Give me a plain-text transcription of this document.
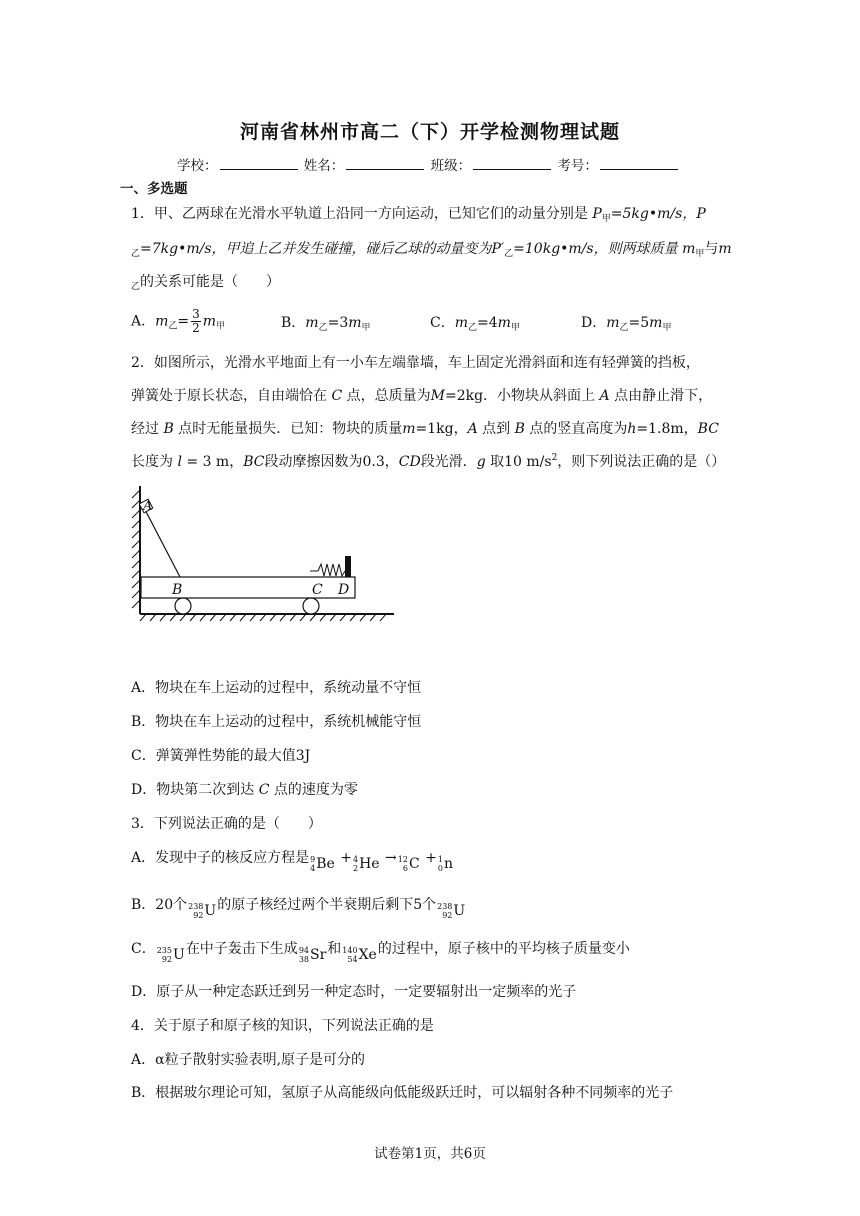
河南省林州市高二（下）开学检测物理试题
学校：	姓名：	班级：	考号：
一、多选题
1．甲、乙两球在光滑水平轨道上沿同一方向运动，已知它们的动量分别是 $P_甲=5kg•m/s$，P
$_乙$=7kg•m/s，甲追上乙并发生碰撞，碰后乙球的动量变为$P'_乙=10kg•m/s$，则两球质量 $m_甲$与m
$_乙$的关系可能是（　　）
A．$m_乙= \frac{3}{2} m_甲$	B．$m_乙=3m_甲$	C．$m_乙=4m_甲$	D．$m_乙=5m_甲$
2．如图所示，光滑水平地面上有一小车左端靠墙，车上固定光滑斜面和连有轻弹簧的挡板，
弹簧处于原长状态，自由端恰在 C 点，总质量为M=2kg．小物块从斜面上 A 点由静止滑下，
经过 B 点时无能量损失．已知：物块的质量m=1kg，A 点到 B 点的竖直高度为h=1.8m，BC
长度为 l = 3 m，BC段动摩擦因数为0.3，CD段光滑．g 取10 $m/s^2$，则下列说法正确的是（）
A
B	C D
A．物块在车上运动的过程中，系统动量不守恒
B．物块在车上运动的过程中，系统机械能守恒
C．弹簧弹性势能的最大值3J
D．物块第二次到达 C 点的速度为零
3．下列说法正确的是（　　）
A．发现中子的核反应方程是 9
4 Be + 4
2 He → 12
6 C + 1
0 n
B．20个 238
92 U 的原子核经过两个半衰期后剩下5个 238
92 U
C． 235
92 U 在中子轰击下生成 94
38 Sr 和 140
54 Xe 的过程中，原子核中的平均核子质量变小
D．原子从一种定态跃迁到另一种定态时，一定要辐射出一定频率的光子
4．关于原子和原子核的知识，下列说法正确的是
A．α粒子散射实验表明,原子是可分的
B．根据玻尔理论可知，氢原子从高能级向低能级跃迁时，可以辐射各种不同频率的光子
试卷第1页，共6页
